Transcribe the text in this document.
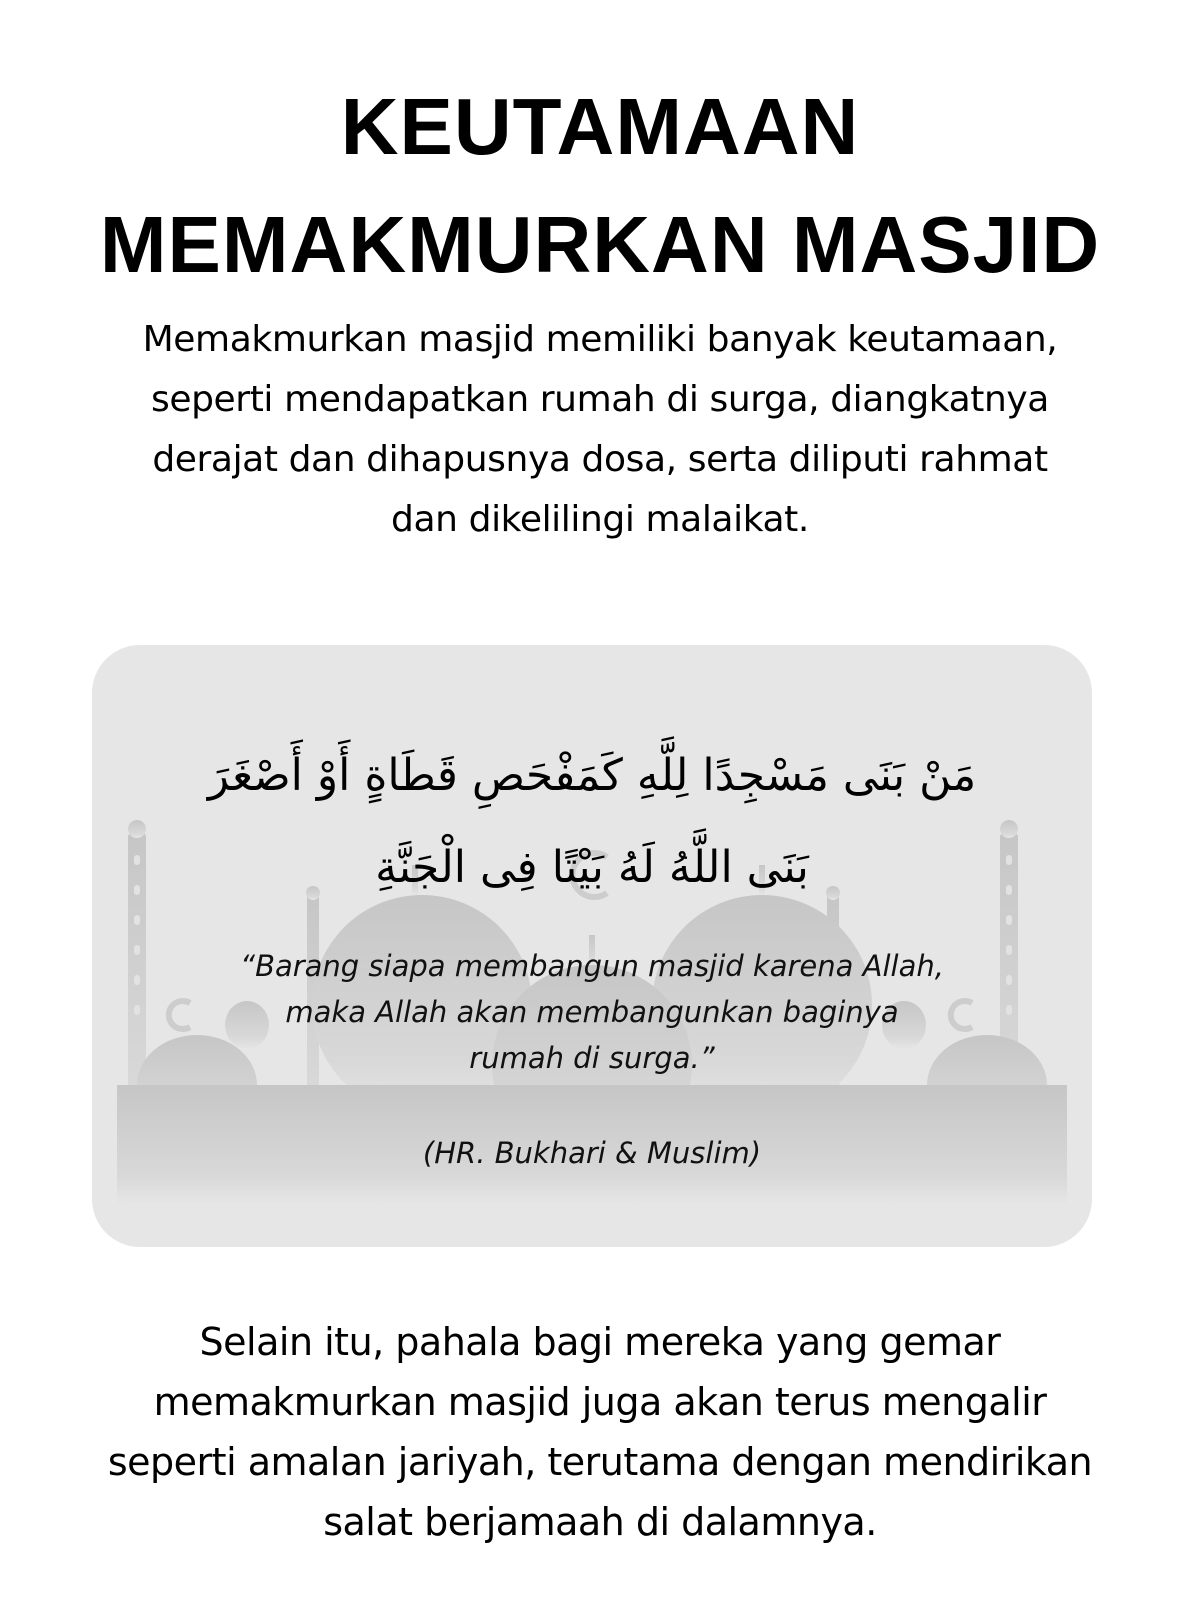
KEUTAMAAN
MEMAKMURKAN MASJID
Memakmurkan masjid memiliki banyak keutamaan,
seperti mendapatkan rumah di surga, diangkatnya
derajat dan dihapusnya dosa, serta diliputi rahmat
dan dikelilingi malaikat.
مَنْ بَنَى مَسْجِدًا لِلَّهِ كَمَفْحَصِ قَطَاةٍ أَوْ أَصْغَرَ
بَنَى اللَّهُ لَهُ بَيْتًا فِى الْجَنَّةِ
“Barang siapa membangun masjid karena Allah,
maka Allah akan membangunkan baginya
rumah di surga.”
(HR. Bukhari & Muslim)
Selain itu, pahala bagi mereka yang gemar
memakmurkan masjid juga akan terus mengalir
seperti amalan jariyah, terutama dengan mendirikan
salat berjamaah di dalamnya.
